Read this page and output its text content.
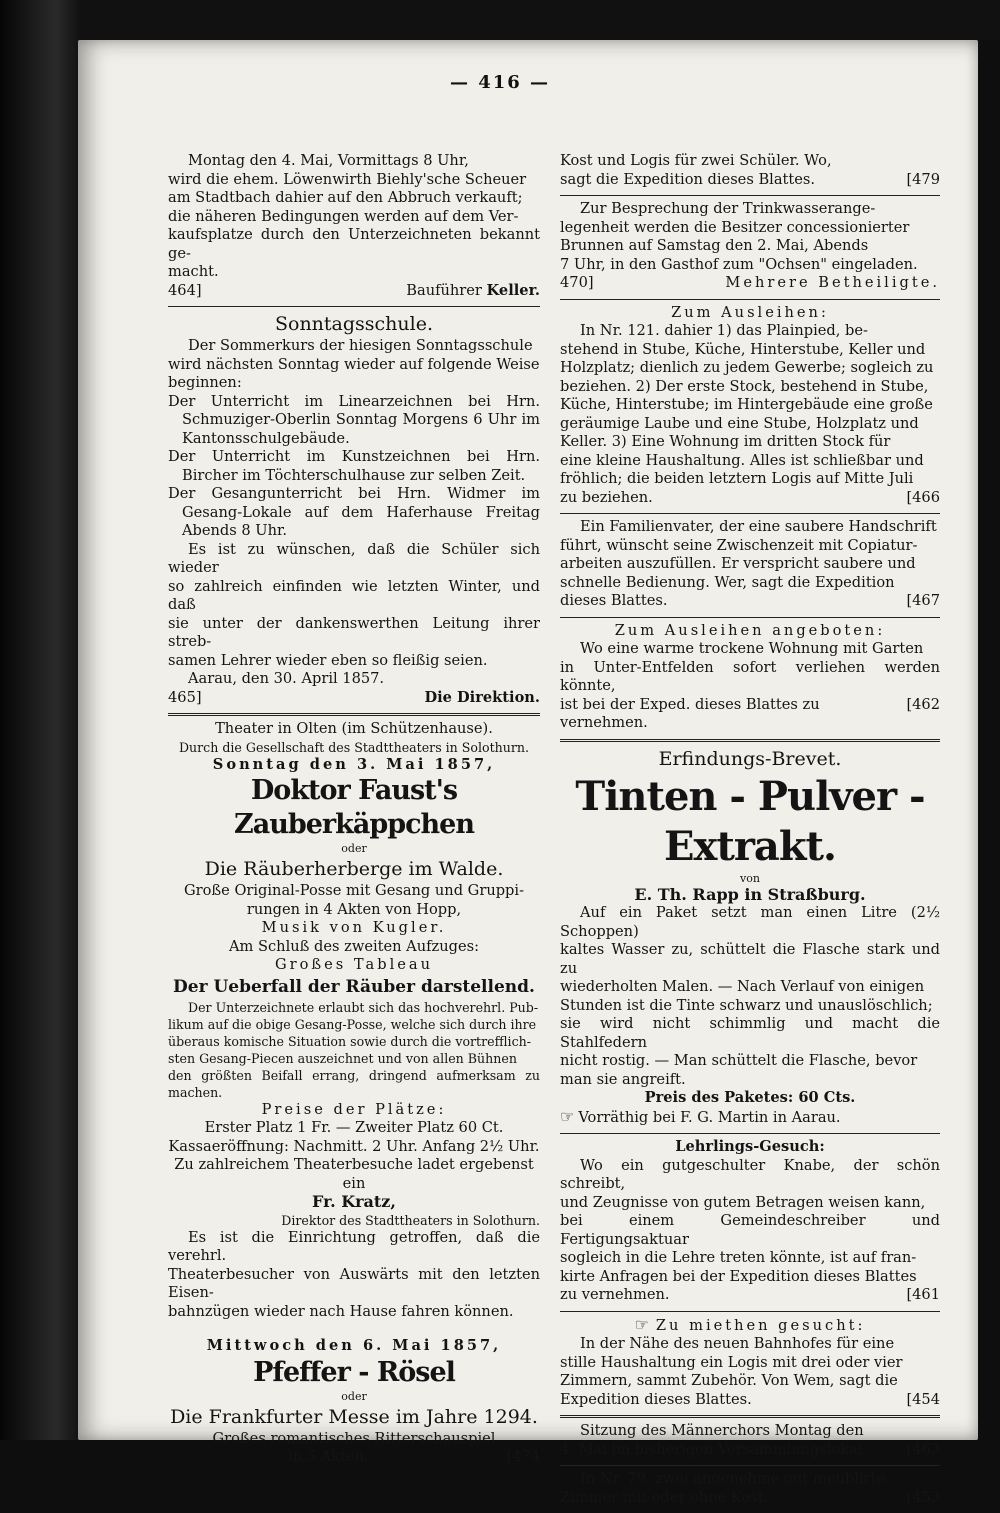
— 416 —

Montag den 4. Mai, Vormittags 8 Uhr,

wird die ehem. Löwenwirth Biehly'sche Scheuer

am Stadtbach dahier auf den Abbruch verkauft;

die näheren Bedingungen werden auf dem Ver-

kaufsplatze durch den Unterzeichneten bekannt ge-

macht.

464]	Bauführer Keller.
Sonntagsschule.

Der Sommerkurs der hiesigen Sonntagsschule

wird nächsten Sonntag wieder auf folgende Weise

beginnen:

Der Unterricht im Linearzeichnen bei Hrn. Schmuziger-Oberlin Sonntag Morgens 6 Uhr im Kantonsschulgebäude.

Der Unterricht im Kunstzeichnen bei Hrn. Bircher im Töchterschulhause zur selben Zeit.

Der Gesangunterricht bei Hrn. Widmer im Gesang-Lokale auf dem Haferhause Freitag Abends 8 Uhr.

Es ist zu wünschen, daß die Schüler sich wieder

so zahlreich einfinden wie letzten Winter, und daß

sie unter der dankenswerthen Leitung ihrer streb-

samen Lehrer wieder eben so fleißig seien.

Aarau, den 30. April 1857.

465]	Die Direktion.
Theater in Olten (im Schützenhause).
Durch die Gesellschaft des Stadttheaters in Solothurn.
Sonntag den 3. Mai 1857,
Doktor Faust's Zauberkäppchen
oder
Die Räuberherberge im Walde.
Große Original-Posse mit Gesang und Gruppi-
rungen in 4 Akten von Hopp,
Musik von Kugler.
Am Schluß des zweiten Aufzuges:
Großes Tableau
Der Ueberfall der Räuber darstellend.

Der Unterzeichnete erlaubt sich das hochverehrl. Pub-

likum auf die obige Gesang-Posse, welche sich durch ihre

überaus komische Situation sowie durch die vortrefflich-

sten Gesang-Piecen auszeichnet und von allen Bühnen

den größten Beifall errang, dringend aufmerksam zu machen.

Preise der Plätze:
Erster Platz 1 Fr. — Zweiter Platz 60 Ct.
Kassaeröffnung: Nachmitt. 2 Uhr. Anfang 2½ Uhr.
Zu zahlreichem Theaterbesuche ladet ergebenst ein
Fr. Kratz,
Direktor des Stadttheaters in Solothurn.

Es ist die Einrichtung getroffen, daß die verehrl.

Theaterbesucher von Auswärts mit den letzten Eisen-

bahnzügen wieder nach Hause fahren können.

Mittwoch den 6. Mai 1857,
Pfeffer - Rösel
oder
Die Frankfurter Messe im Jahre 1294.
Großes romantisches Ritterschauspiel
in 5 Akten.	[474

Kost und Logis für zwei Schüler. Wo,

sagt die Expedition dieses Blattes.	[479

Zur Besprechung der Trinkwasserange-

legenheit werden die Besitzer concessionierter

Brunnen auf Samstag den 2. Mai, Abends

7 Uhr, in den Gasthof zum "Ochsen" eingeladen.

470]	Mehrere Betheiligte.
Zum Ausleihen:

In Nr. 121. dahier 1) das Plainpied, be-

stehend in Stube, Küche, Hinterstube, Keller und

Holzplatz; dienlich zu jedem Gewerbe; sogleich zu

beziehen. 2) Der erste Stock, bestehend in Stube,

Küche, Hinterstube; im Hintergebäude eine große

geräumige Laube und eine Stube, Holzplatz und

Keller. 3) Eine Wohnung im dritten Stock für

eine kleine Haushaltung. Alles ist schließbar und

fröhlich; die beiden letztern Logis auf Mitte Juli

zu beziehen.	[466

Ein Familienvater, der eine saubere Handschrift

führt, wünscht seine Zwischenzeit mit Copiatur-

arbeiten auszufüllen. Er verspricht saubere und

schnelle Bedienung. Wer, sagt die Expedition

dieses Blattes.	[467
Zum Ausleihen angeboten:

Wo eine warme trockene Wohnung mit Garten

in Unter-Entfelden sofort verliehen werden könnte,

ist bei der Exped. dieses Blattes zu vernehmen.
[462
Erfindungs-Brevet.
Tinten - Pulver - Extrakt.
von
E. Th. Rapp in Straßburg.

Auf ein Paket setzt man einen Litre (2½ Schoppen)

kaltes Wasser zu, schüttelt die Flasche stark und zu

wiederholten Malen. — Nach Verlauf von einigen

Stunden ist die Tinte schwarz und unauslöschlich;

sie wird nicht schimmlig und macht die Stahlfedern

nicht rostig. — Man schüttelt die Flasche, bevor

man sie angreift.

Preis des Paketes: 60 Cts.
☞ Vorräthig bei F. G. Martin in Aarau.
Lehrlings-Gesuch:

Wo ein gutgeschulter Knabe, der schön schreibt,

und Zeugnisse von gutem Betragen weisen kann,

bei einem Gemeindeschreiber und Fertigungsaktuar

sogleich in die Lehre treten könnte, ist auf fran-

kirte Anfragen bei der Expedition dieses Blattes

zu vernehmen.	[461
☞ Zu miethen gesucht:

In der Nähe des neuen Bahnhofes für eine

stille Haushaltung ein Logis mit drei oder vier

Zimmern, sammt Zubehör. Von Wem, sagt die

Expedition dieses Blattes.	[454

Sitzung des Männerchors Montag den

4. Mai im bisherigen Versammlungslokal.	[463

In Nr. 79. zwei angenehme gut meublirte

Zimmer mit oder ohne Kost.	[453
